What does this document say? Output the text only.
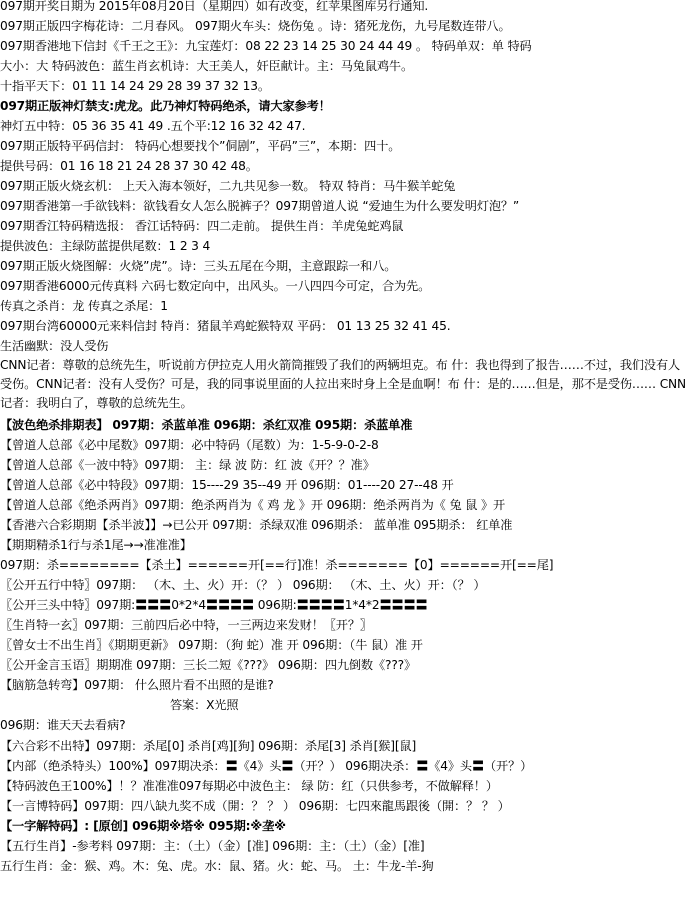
097期开奖日期为 2015年08月20日（星期四）如有改变，红苹果图库另行通知.
097期正版四字梅花诗：二月春风。 097期火车头：烧伤兔 。诗：猪死龙伤，九号尾数连带八。
097期香港地下信封《千王之王》：九宝莲灯：08 22 23 14 25 30 24 44 49 。 特码单双：单 特码
大小：大 特码波色：蓝生肖玄机诗：大王美人，奸臣献计。主：马兔鼠鸡牛。
十指平天下：01 11 14 24 29 28 39 37 32 13。
097期正版神灯禁支:虎龙。此乃神灯特码绝杀，请大家参考！
神灯五中特：05 36 35 41 49 .五个平:12 16 32 42 47.
097期正版特平码信封： 特码心想要找个”侗剧”，平码”三”，本期：四十。
提供号码：01 16 18 21 24 28 37 30 42 48。
097期正版火烧玄机： 上天入海本领好，二九共见参一数。 特双 特肖：马牛猴羊蛇兔
097期香港第一手欲钱料：欲钱看女人怎么脱裤子？097期曾道人说 “爱迪生为什么要发明灯泡？”
097期香江特码精选报： 香江话特码：四二走前。 提供生肖：羊虎兔蛇鸡鼠
提供波色：主绿防蓝提供尾数：1 2 3 4
097期正版火烧图解：火烧”虎”。诗：三头五尾在今期，主意跟踪一和八。
097期香港6000元传真料 六码七数定向中，出风头。一八四四今可定，合为先。
传真之杀肖：龙 传真之杀尾：1
097期台湾60000元来料信封 特肖：猪鼠羊鸡蛇猴特双 平码： 01 13 25 32 41 45.
生活幽默：没人受伤
CNN记者：尊敬的总统先生，听说前方伊拉克人用火箭筒摧毁了我们的两辆坦克。布 什：我也得到了报告……不过，我们没有人受伤。CNN记者：没有人受伤？可是，我的同事说里面的人拉出来时身上全是血啊！布 什：是的……但是，那不是受伤…… CNN记者：我明白了，尊敬的总统先生。
【波色绝杀排期表】 097期：杀蓝单准 096期：杀红双准 095期：杀蓝单准
【曾道人总部《必中尾数》097期：必中特码（尾数）为：1-5-9-0-2-8
【曾道人总部《一波中特》097期： 主：绿 波 防：红 波《开？？准》
【曾道人总部《必中特段》097期：15----29 35--49 开 096期：01----20 27--48 开
【曾道人总部《绝杀两肖》097期：绝杀两肖为《 鸡 龙 》开 096期：绝杀两肖为《 兔 鼠 》开
【香港六合彩期期【杀半波】】→已公开 097期：杀绿双准 096期杀： 蓝单准 095期杀： 红单准
【期期精杀1行与杀1尾→→准准准】
097期：杀========【杀土】======开[==行]准！杀=======【0】======开[==尾]
〖公开五行中特〗097期： （木、土、火）开：（？ ） 096期： （木、土、火）开：（？ ）
〖公开三头中特〗097期:〓〓〓0*2*4〓〓〓〓 096期:〓〓〓〓1*4*2〓〓〓〓
〖生肖特一玄〗097期：三前四后必中特，一三两边来发财！〖开？〗
〖曾女士不出生肖〗《期期更新》 097期：（狗 蛇）准 开 096期：（牛 鼠）准 开
〖公开金言玉语〗期期准 097期：三长二短《???》 096期：四九倒数《???》
【脑筋急转弯】097期： 什么照片看不出照的是谁?
答案：X光照
096期：谁天天去看病?
【六合彩不出特】097期：杀尾[0] 杀肖[鸡][狗] 096期：杀尾[3] 杀肖[猴][鼠]
【内部（绝杀特头）100%】097期决杀：〓《4》头〓（开？） 096期决杀：〓《4》头〓（开？）
【特码波色王100%】！？准准准097每期必中波色主： 绿 防：红（只供参考，不做解释！）
【一言博特码】097期：四八缺九奖不成（開：？ ？ ） 096期：七四來龍馬跟後（開：？ ？ ）
【一字解特码】: [原创] 096期※塔※ 095期:※垄※
【五行生肖】-参考料 097期：主：（土）（金）[准] 096期：主：（土）（金）[准]
五行生肖：金：猴、鸡。木：兔、虎。水：鼠、猪。火：蛇、马。 土：牛龙-羊-狗
